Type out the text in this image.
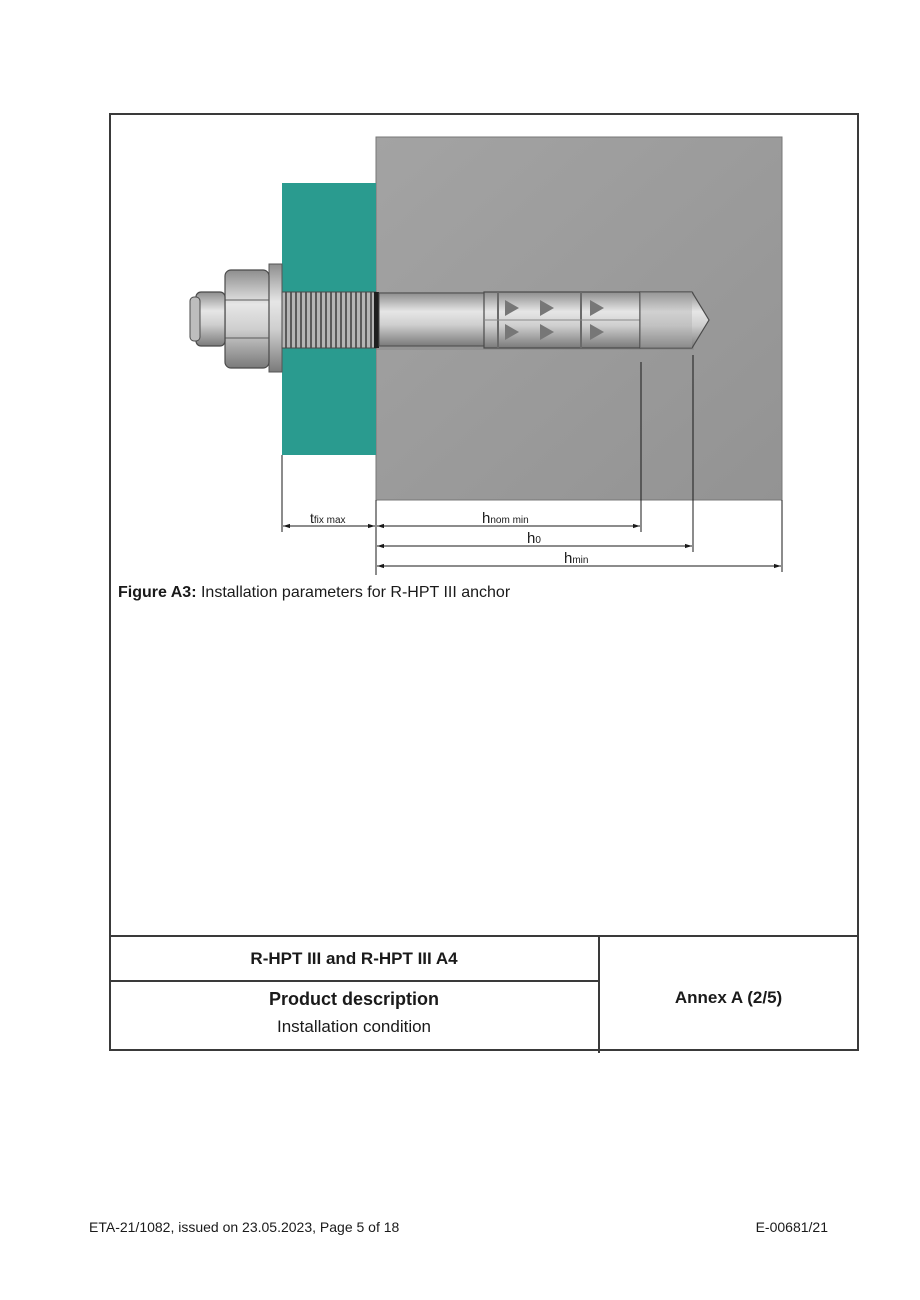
tfix max	hnom min
h0
hmin
Figure A3: Installation parameters for R-HPT III anchor
R-HPT III and R-HPT III A4
Product description
Installation condition
Annex A (2/5)
ETA-21/1082, issued on 23.05.2023, Page 5 of 18	E-00681/21
